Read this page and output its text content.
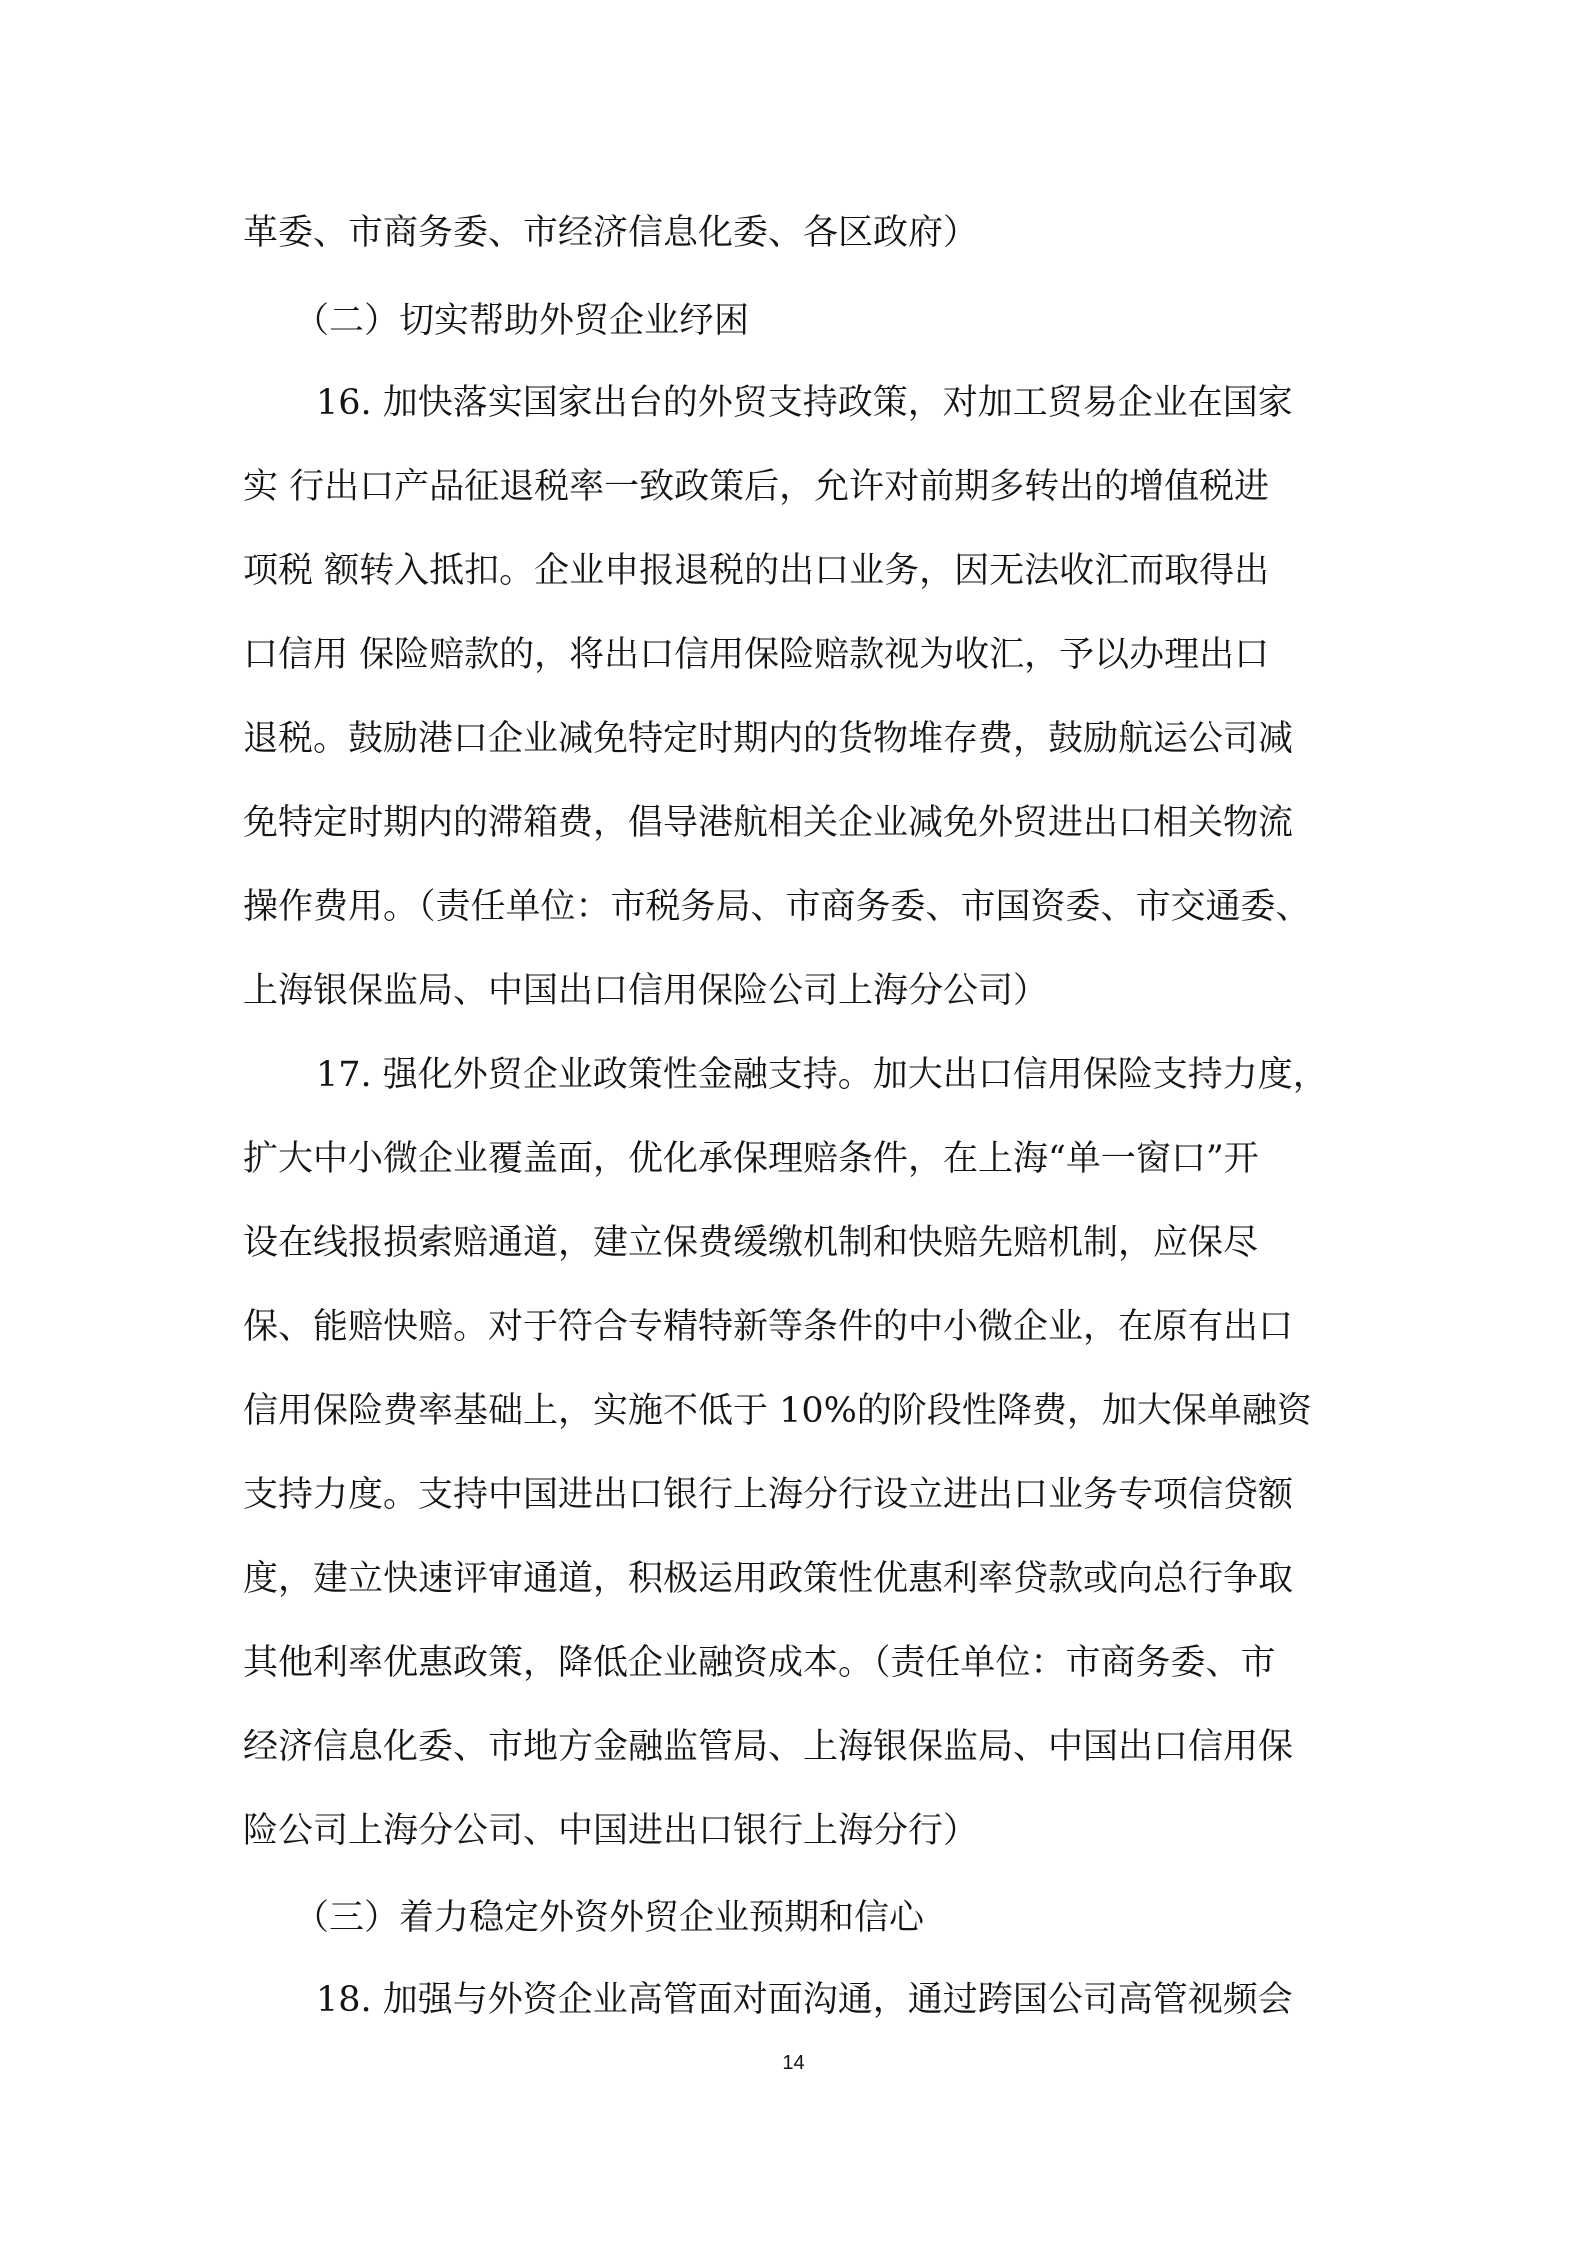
革委、市商务委、市经济信息化委、各区政府）
（二）切实帮助外贸企业纾困
16. 加快落实国家出台的外贸支持政策，对加工贸易企业在国家
实 行出口产品征退税率一致政策后，允许对前期多转出的增值税进
项税 额转入抵扣。企业申报退税的出口业务，因无法收汇而取得出
口信用 保险赔款的，将出口信用保险赔款视为收汇，予以办理出口
退税。鼓励港口企业减免特定时期内的货物堆存费，鼓励航运公司减
免特定时期内的滞箱费，倡导港航相关企业减免外贸进出口相关物流
操作费用。（责任单位：市税务局、市商务委、市国资委、市交通委、
上海银保监局、中国出口信用保险公司上海分公司）
17. 强化外贸企业政策性金融支持。加大出口信用保险支持力度，
扩大中小微企业覆盖面，优化承保理赔条件，在上海“单一窗口”开
设在线报损索赔通道，建立保费缓缴机制和快赔先赔机制，应保尽
保、能赔快赔。对于符合专精特新等条件的中小微企业，在原有出口
信用保险费率基础上，实施不低于 10%的阶段性降费，加大保单融资
支持力度。支持中国进出口银行上海分行设立进出口业务专项信贷额
度，建立快速评审通道，积极运用政策性优惠利率贷款或向总行争取
其他利率优惠政策，降低企业融资成本。（责任单位：市商务委、市
经济信息化委、市地方金融监管局、上海银保监局、中国出口信用保
险公司上海分公司、中国进出口银行上海分行）
（三）着力稳定外资外贸企业预期和信心
18. 加强与外资企业高管面对面沟通，通过跨国公司高管视频会
14
